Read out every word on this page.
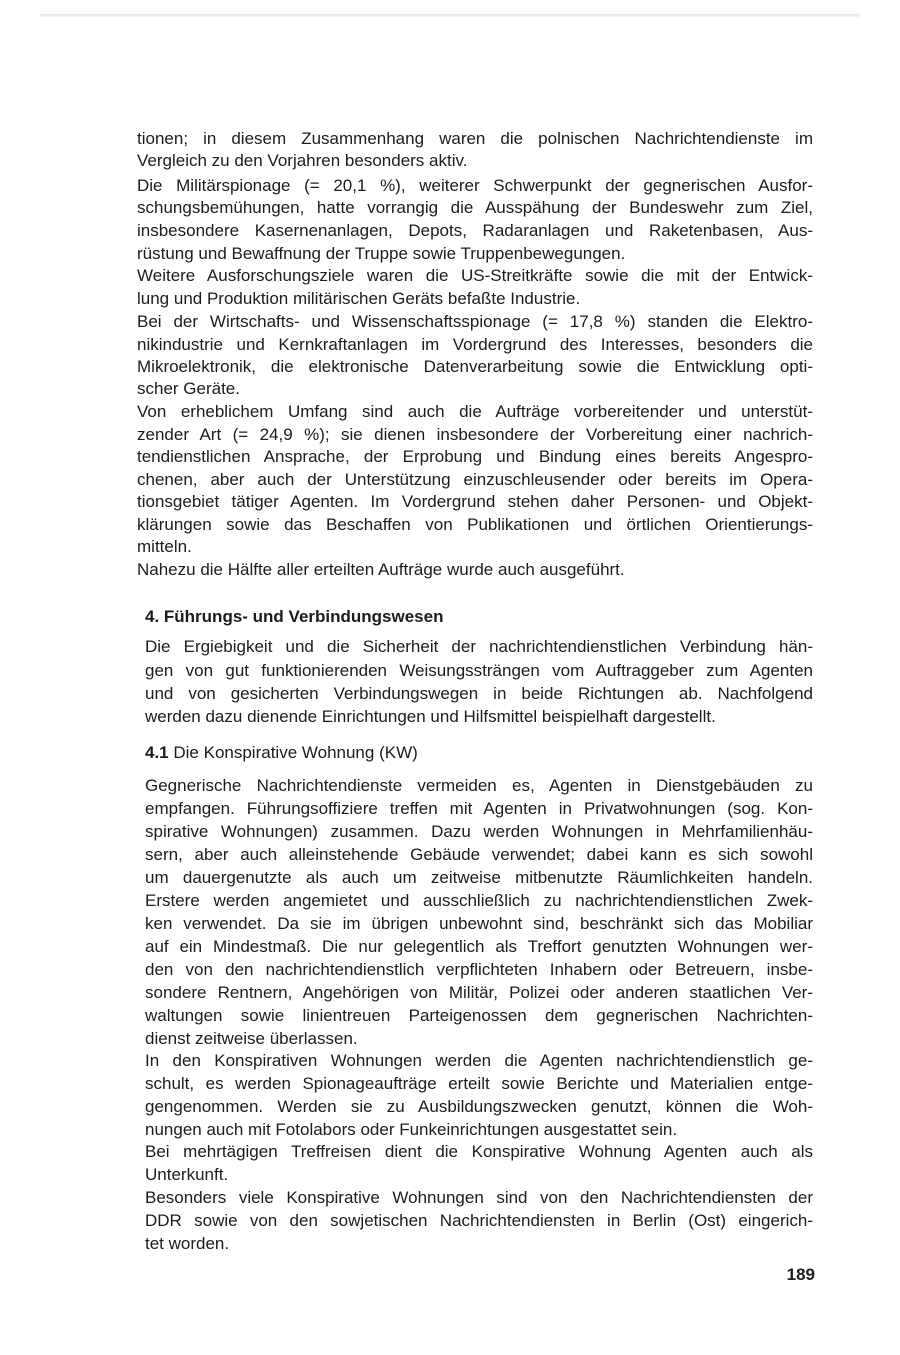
tionen; in diesem Zusammenhang waren die polnischen Nachrichtendienste im
Vergleich zu den Vorjahren besonders aktiv.
Die Militärspionage (= 20,1 %), weiterer Schwerpunkt der gegnerischen Ausfor-
schungsbemühungen, hatte vorrangig die Ausspähung der Bundeswehr zum Ziel,
insbesondere Kasernenanlagen, Depots, Radaranlagen und Raketenbasen, Aus-
rüstung und Bewaffnung der Truppe sowie Truppenbewegungen.
Weitere Ausforschungsziele waren die US-Streitkräfte sowie die mit der Entwick-
lung und Produktion militärischen Geräts befaßte Industrie.
Bei der Wirtschafts- und Wissenschaftsspionage (= 17,8 %) standen die Elektro-
nikindustrie und Kernkraftanlagen im Vordergrund des Interesses, besonders die
Mikroelektronik, die elektronische Datenverarbeitung sowie die Entwicklung opti-
scher Geräte.
Von erheblichem Umfang sind auch die Aufträge vorbereitender und unterstüt-
zender Art (= 24,9 %); sie dienen insbesondere der Vorbereitung einer nachrich-
tendienstlichen Ansprache, der Erprobung und Bindung eines bereits Angespro-
chenen, aber auch der Unterstützung einzuschleusender oder bereits im Opera-
tionsgebiet tätiger Agenten. Im Vordergrund stehen daher Personen- und Objekt-
klärungen sowie das Beschaffen von Publikationen und örtlichen Orientierungs-
mitteln.
Nahezu die Hälfte aller erteilten Aufträge wurde auch ausgeführt.
4. Führungs- und Verbindungswesen
Die Ergiebigkeit und die Sicherheit der nachrichtendienstlichen Verbindung hän-
gen von gut funktionierenden Weisungssträngen vom Auftraggeber zum Agenten
und von gesicherten Verbindungswegen in beide Richtungen ab. Nachfolgend
werden dazu dienende Einrichtungen und Hilfsmittel beispielhaft dargestellt.
4.1 Die Konspirative Wohnung (KW)
Gegnerische Nachrichtendienste vermeiden es, Agenten in Dienstgebäuden zu
empfangen. Führungsoffiziere treffen mit Agenten in Privatwohnungen (sog. Kon-
spirative Wohnungen) zusammen. Dazu werden Wohnungen in Mehrfamilienhäu-
sern, aber auch alleinstehende Gebäude verwendet; dabei kann es sich sowohl
um dauergenutzte als auch um zeitweise mitbenutzte Räumlichkeiten handeln.
Erstere werden angemietet und ausschließlich zu nachrichtendienstlichen Zwek-
ken verwendet. Da sie im übrigen unbewohnt sind, beschränkt sich das Mobiliar
auf ein Mindestmaß. Die nur gelegentlich als Treffort genutzten Wohnungen wer-
den von den nachrichtendienstlich verpflichteten Inhabern oder Betreuern, insbe-
sondere Rentnern, Angehörigen von Militär, Polizei oder anderen staatlichen Ver-
waltungen sowie linientreuen Parteigenossen dem gegnerischen Nachrichten-
dienst zeitweise überlassen.
In den Konspirativen Wohnungen werden die Agenten nachrichtendienstlich ge-
schult, es werden Spionageaufträge erteilt sowie Berichte und Materialien entge-
gengenommen. Werden sie zu Ausbildungszwecken genutzt, können die Woh-
nungen auch mit Fotolabors oder Funkeinrichtungen ausgestattet sein.
Bei mehrtägigen Treffreisen dient die Konspirative Wohnung Agenten auch als
Unterkunft.
Besonders viele Konspirative Wohnungen sind von den Nachrichtendiensten der
DDR sowie von den sowjetischen Nachrichtendiensten in Berlin (Ost) eingerich-
tet worden.
189
